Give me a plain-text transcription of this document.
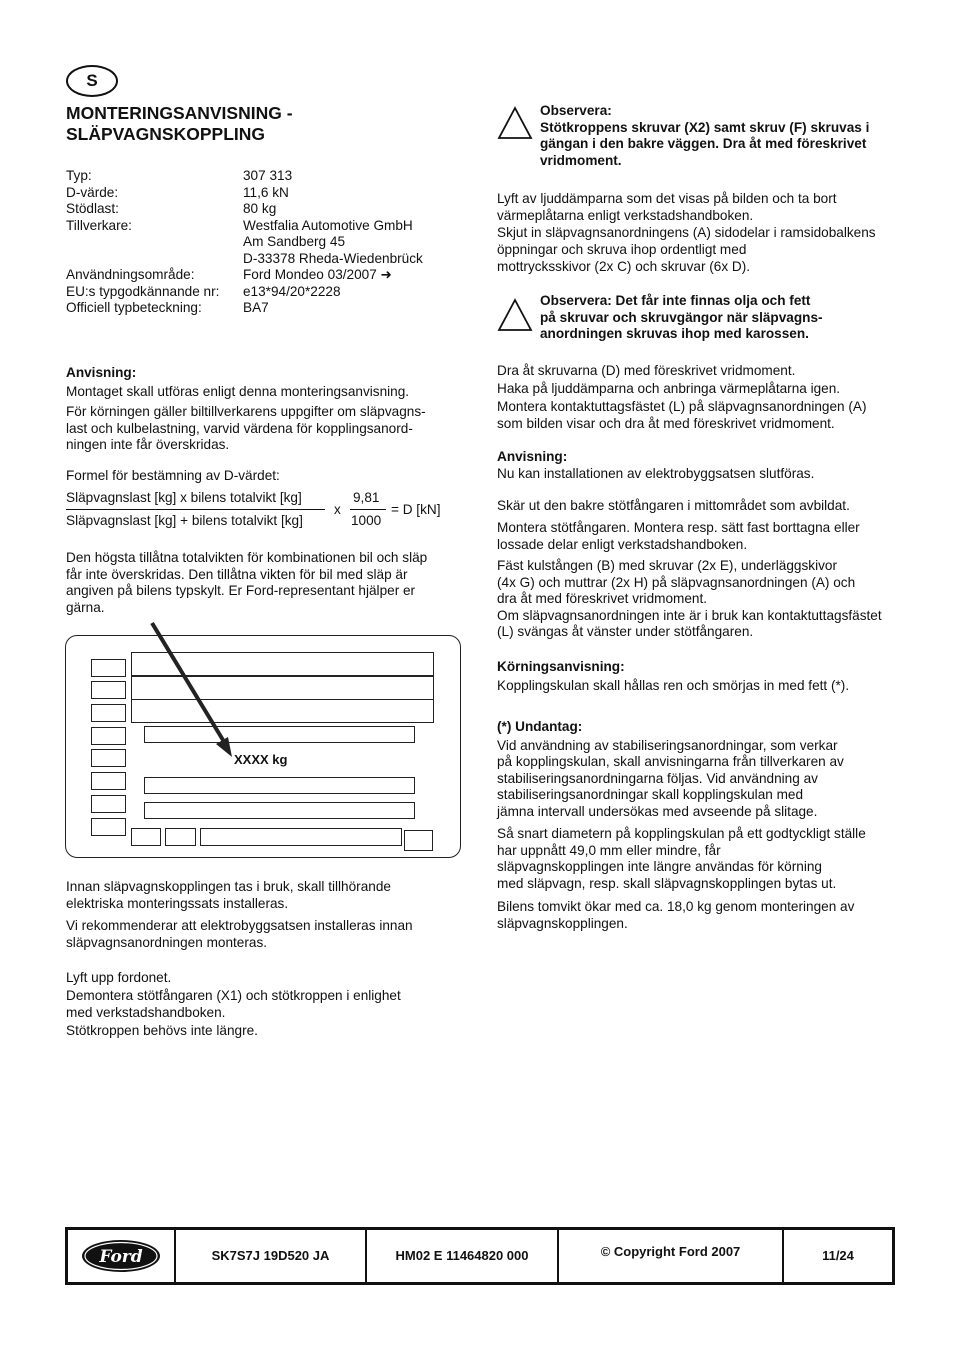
S
MONTERINGSANVISNING -
SLÄPVAGNSKOPPLING
Typ:	307 313
D-värde:	11,6 kN
Stödlast:	80 kg
Tillverkare:	Westfalia Automotive GmbH
Am Sandberg 45
D-33378 Rheda-Wiedenbrück
Användningsområde:	Ford Mondeo 03/2007 ➜
EU:s typgodkännande nr:	e13*94/20*2228
Officiell typbeteckning:	BA7

Anvisning:

Montaget skall utföras enligt denna monteringsanvisning.

För körningen gäller biltillverkarens uppgifter om släpvagns-
last och kulbelastning, varvid värdena för kopplingsanord-
ningen inte får överskridas.

Formel för bestämning av D-värdet:
Släpvagnslast [kg] x bilens totalvikt [kg]
Släpvagnslast [kg] + bilens totalvikt [kg]
x
9,81
1000
= D [kN]
Den högsta tillåtna totalvikten för kombinationen bil och släp
får inte överskridas. Den tillåtna vikten för bil med släp är
angiven på bilens typskylt. Er Ford-representant hjälper er
gärna.
XXXX kg
Innan släpvagnskopplingen tas i bruk, skall tillhörande
elektriska monteringssats installeras.
Vi rekommenderar att elektrobyggsatsen installeras innan
släpvagnsanordningen monteras.
Lyft upp fordonet.
Demontera stötfångaren (X1) och stötkroppen i enlighet
med verkstadshandboken.
Stötkroppen behövs inte längre.
Observera:
Stötkroppens skruvar (X2) samt skruv (F) skruvas i
gängan i den bakre väggen. Dra åt med föreskrivet
vridmoment.
Lyft av ljuddämparna som det visas på bilden och ta bort
värmeplåtarna enligt verkstadshandboken.
Skjut in släpvagnsanordningens (A) sidodelar i ramsidobalkens
öppningar och skruva ihop ordentligt med
mottrycksskivor (2x C) och skruvar (6x D).
Observera: Det får inte finnas olja och fett
på skruvar och skruvgängor när släpvagns-
anordningen skruvas ihop med karossen.
Dra åt skruvarna (D) med föreskrivet vridmoment.
Haka på ljuddämparna och anbringa värmeplåtarna igen.
Montera kontaktuttagsfästet (L) på släpvagnsanordningen (A)
som bilden visar och dra åt med föreskrivet vridmoment.

Anvisning:

Nu kan installationen av elektrobyggsatsen slutföras.

Skär ut den bakre stötfångaren i mittområdet som avbildat.
Montera stötfångaren. Montera resp. sätt fast borttagna eller
lossade delar enligt verkstadshandboken.
Fäst kulstången (B) med skruvar (2x E), underläggskivor
(4x G) och muttrar (2x H) på släpvagnsanordningen (A) och
dra åt med föreskrivet vridmoment.
Om släpvagnsanordningen inte är i bruk kan kontaktuttagsfästet
(L) svängas åt vänster under stötfångaren.

Körningsanvisning:

Kopplingskulan skall hållas ren och smörjas in med fett (*).

(*) Undantag:

Vid användning av stabiliseringsanordningar, som verkar
på kopplingskulan, skall anvisningarna från tillverkaren av
stabiliseringsanordningarna följas. Vid användning av
stabiliseringsanordningar skall kopplingskulan med
jämna intervall undersökas med avseende på slitage.

Så snart diametern på kopplingskulan på ett godtyckligt ställe
har uppnått 49,0 mm eller mindre, får
släpvagnskopplingen inte längre användas för körning
med släpvagn, resp. skall släpvagnskopplingen bytas ut.
Bilens tomvikt ökar med ca. 18,0 kg genom monteringen av
släpvagnskopplingen.
Ford	SK7S7J 19D520 JA	HM02 E 11464820 000	© Copyright Ford 2007	11/24
